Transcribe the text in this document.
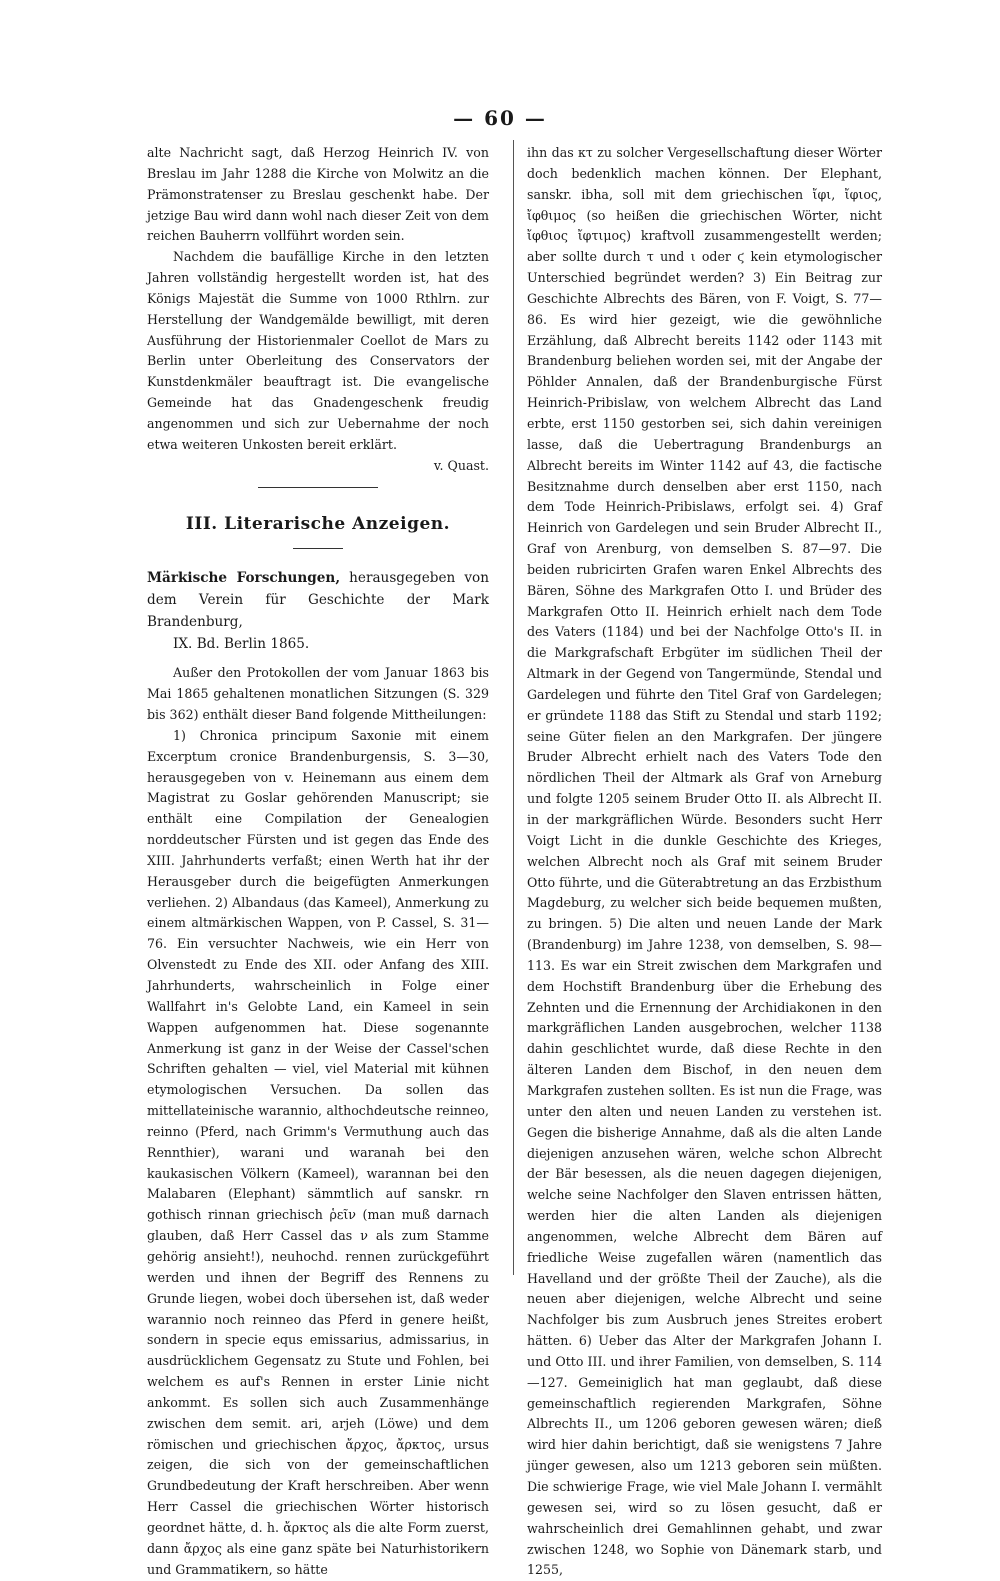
— 60 —

alte Nachricht sagt, daß Herzog Heinrich IV. von Breslau im Jahr 1288 die Kirche von Molwitz an die Prämonstratenser zu Breslau geschenkt habe. Der jetzige Bau wird dann wohl nach dieser Zeit von dem reichen Bauherrn vollführt worden sein.

Nachdem die baufällige Kirche in den letzten Jahren vollständig hergestellt worden ist, hat des Königs Majestät die Summe von 1000 Rthlrn. zur Herstellung der Wandgemälde bewilligt, mit deren Ausführung der Historienmaler Coellot de Mars zu Berlin unter Oberleitung des Conservators der Kunstdenkmäler beauftragt ist. Die evangelische Gemeinde hat das Gnadengeschenk freudig angenommen und sich zur Uebernahme der noch etwa weiteren Unkosten bereit erklärt.

v. Quast.

III. Literarische Anzeigen.

Märkische Forschungen, herausgegeben von dem Verein für Geschichte der Mark Brandenburg,
IX. Bd. Berlin 1865.

Außer den Protokollen der vom Januar 1863 bis Mai 1865 gehaltenen monatlichen Sitzungen (S. 329 bis 362) enthält dieser Band folgende Mittheilungen:

1) Chronica principum Saxonie mit einem Excerptum cronice Brandenburgensis, S. 3—30, herausgegeben von v. Heinemann aus einem dem Magistrat zu Goslar gehörenden Manuscript; sie enthält eine Compilation der Genealogien norddeutscher Fürsten und ist gegen das Ende des XIII. Jahrhunderts verfaßt; einen Werth hat ihr der Herausgeber durch die beigefügten Anmerkungen verliehen. 2) Albandaus (das Kameel), Anmerkung zu einem altmärkischen Wappen, von P. Cassel, S. 31—76. Ein versuchter Nachweis, wie ein Herr von Olvenstedt zu Ende des XII. oder Anfang des XIII. Jahrhunderts, wahrscheinlich in Folge einer Wallfahrt in's Gelobte Land, ein Kameel in sein Wappen aufgenommen hat. Diese sogenannte Anmerkung ist ganz in der Weise der Cassel'schen Schriften gehalten — viel, viel Material mit kühnen etymologischen Versuchen. Da sollen das mittellateinische warannio, althochdeutsche reinneo, reinno (Pferd, nach Grimm's Vermuthung auch das Rennthier), warani und waranah bei den kaukasischen Völkern (Kameel), warannan bei den Malabaren (Elephant) sämmtlich auf sanskr. rn gothisch rinnan griechisch ῥεῖν (man muß darnach glauben, daß Herr Cassel das ν als zum Stamme gehörig ansieht!), neuhochd. rennen zurückgeführt werden und ihnen der Begriff des Rennens zu Grunde liegen, wobei doch übersehen ist, daß weder warannio noch reinneo das Pferd in genere heißt, sondern in specie equs emissarius, admissarius, in ausdrücklichem Gegensatz zu Stute und Fohlen, bei welchem es auf's Rennen in erster Linie nicht ankommt. Es sollen sich auch Zusammenhänge zwischen dem semit. ari, arjeh (Löwe) und dem römischen und griechischen ἄρχος, ἄρκτος, ursus zeigen, die sich von der gemeinschaftlichen Grundbedeutung der Kraft herschreiben. Aber wenn Herr Cassel die griechischen Wörter historisch geordnet hätte, d. h. ἄρκτος als die alte Form zuerst, dann ἄρχος als eine ganz späte bei Naturhistorikern und Grammatikern, so hätte

ihn das κτ zu solcher Vergesellschaftung dieser Wörter doch bedenklich machen können. Der Elephant, sanskr. ibha, soll mit dem griechischen ἴφι, ἴφιος, ἴφθιμος (so heißen die griechischen Wörter, nicht ἴφθιος ἴφτιμος) kraftvoll zusammengestellt werden; aber sollte durch τ und ι oder ϛ kein etymologischer Unterschied begründet werden? 3) Ein Beitrag zur Geschichte Albrechts des Bären, von F. Voigt, S. 77—86. Es wird hier gezeigt, wie die gewöhnliche Erzählung, daß Albrecht bereits 1142 oder 1143 mit Brandenburg beliehen worden sei, mit der Angabe der Pöhlder Annalen, daß der Brandenburgische Fürst Heinrich-Pribislaw, von welchem Albrecht das Land erbte, erst 1150 gestorben sei, sich dahin vereinigen lasse, daß die Uebertragung Brandenburgs an Albrecht bereits im Winter 1142 auf 43, die factische Besitznahme durch denselben aber erst 1150, nach dem Tode Heinrich-Pribislaws, erfolgt sei. 4) Graf Heinrich von Gardelegen und sein Bruder Albrecht II., Graf von Arenburg, von demselben S. 87—97. Die beiden rubricirten Grafen waren Enkel Albrechts des Bären, Söhne des Markgrafen Otto I. und Brüder des Markgrafen Otto II. Heinrich erhielt nach dem Tode des Vaters (1184) und bei der Nachfolge Otto's II. in die Markgrafschaft Erbgüter im südlichen Theil der Altmark in der Gegend von Tangermünde, Stendal und Gardelegen und führte den Titel Graf von Gardelegen; er gründete 1188 das Stift zu Stendal und starb 1192; seine Güter fielen an den Markgrafen. Der jüngere Bruder Albrecht erhielt nach des Vaters Tode den nördlichen Theil der Altmark als Graf von Arneburg und folgte 1205 seinem Bruder Otto II. als Albrecht II. in der markgräflichen Würde. Besonders sucht Herr Voigt Licht in die dunkle Geschichte des Krieges, welchen Albrecht noch als Graf mit seinem Bruder Otto führte, und die Güterabtretung an das Erzbisthum Magdeburg, zu welcher sich beide bequemen mußten, zu bringen. 5) Die alten und neuen Lande der Mark (Brandenburg) im Jahre 1238, von demselben, S. 98—113. Es war ein Streit zwischen dem Markgrafen und dem Hochstift Brandenburg über die Erhebung des Zehnten und die Ernennung der Archidiakonen in den markgräflichen Landen ausgebrochen, welcher 1138 dahin geschlichtet wurde, daß diese Rechte in den älteren Landen dem Bischof, in den neuen dem Markgrafen zustehen sollten. Es ist nun die Frage, was unter den alten und neuen Landen zu verstehen ist. Gegen die bisherige Annahme, daß als die alten Lande diejenigen anzusehen wären, welche schon Albrecht der Bär besessen, als die neuen dagegen diejenigen, welche seine Nachfolger den Slaven entrissen hätten, werden hier die alten Landen als diejenigen angenommen, welche Albrecht dem Bären auf friedliche Weise zugefallen wären (namentlich das Havelland und der größte Theil der Zauche), als die neuen aber diejenigen, welche Albrecht und seine Nachfolger bis zum Ausbruch jenes Streites erobert hätten. 6) Ueber das Alter der Markgrafen Johann I. und Otto III. und ihrer Familien, von demselben, S. 114—127. Gemeiniglich hat man geglaubt, daß diese gemeinschaftlich regierenden Markgrafen, Söhne Albrechts II., um 1206 geboren gewesen wären; dieß wird hier dahin berichtigt, daß sie wenigstens 7 Jahre jünger gewesen, also um 1213 geboren sein müßten. Die schwierige Frage, wie viel Male Johann I. vermählt gewesen sei, wird so zu lösen gesucht, daß er wahrscheinlich drei Gemahlinnen gehabt, und zwar zwischen 1248, wo Sophie von Dänemark starb, und 1255,
